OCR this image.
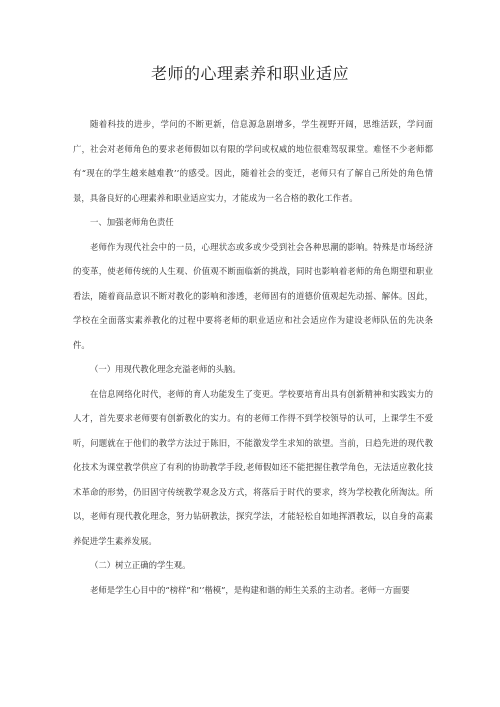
老师的心理素养和职业适应

随着科技的进步，学问的不断更新，信息源急剧增多，学生视野开阔，思维活跃，学问面广，社会对老师角色的要求老师假如以有限的学问或权威的地位很难驾驭课堂。难怪不少老师都有“现在的学生越来越难教’’的感受。因此，随着社会的变迁，老师只有了解自己所处的角色情景，具备良好的心理素养和职业适应实力，才能成为一名合格的教化工作者。

一、加强老师角色责任

老师作为现代社会中的一员，心理状态或多或少受到社会各种思潮的影响。特殊是市场经济的变革，使老师传统的人生观、价值观不断面临新的挑战，同时也影响着老师的角色期望和职业看法，随着商品意识不断对教化的影响和渗透，老师固有的道德价值观起先动摇、解体。因此，学校在全面落实素养教化的过程中要将老师的职业适应和社会适应作为建设老师队伍的先决条件。

（一）用现代教化理念充溢老师的头脑。

在信息网络化时代，老师的育人功能发生了变更。学校要培育出具有创新精神和实践实力的人才，首先要求老师要有创新教化的实力。有的老师工作得不到学校领导的认可，上课学生不爱听，问题就在于他们的教学方法过于陈旧，不能激发学生求知的欲望。当前，日趋先进的现代教化技术为课堂教学供应了有利的协助教学手段,老师假如还不能把握住教学角色，无法适应教化技术革命的形势，仍旧固守传统教学观念及方式，将落后于时代的要求，终为学校教化所淘汰。所以，老师有现代教化理念，努力钻研教法，探究学法，才能轻松自如地挥洒教坛，以自身的高素养促进学生素养发展。

（二）树立正确的学生观。

老师是学生心目中的“榜样”和‘’楷模”，是构建和谐的师生关系的主动者。老师一方面要
